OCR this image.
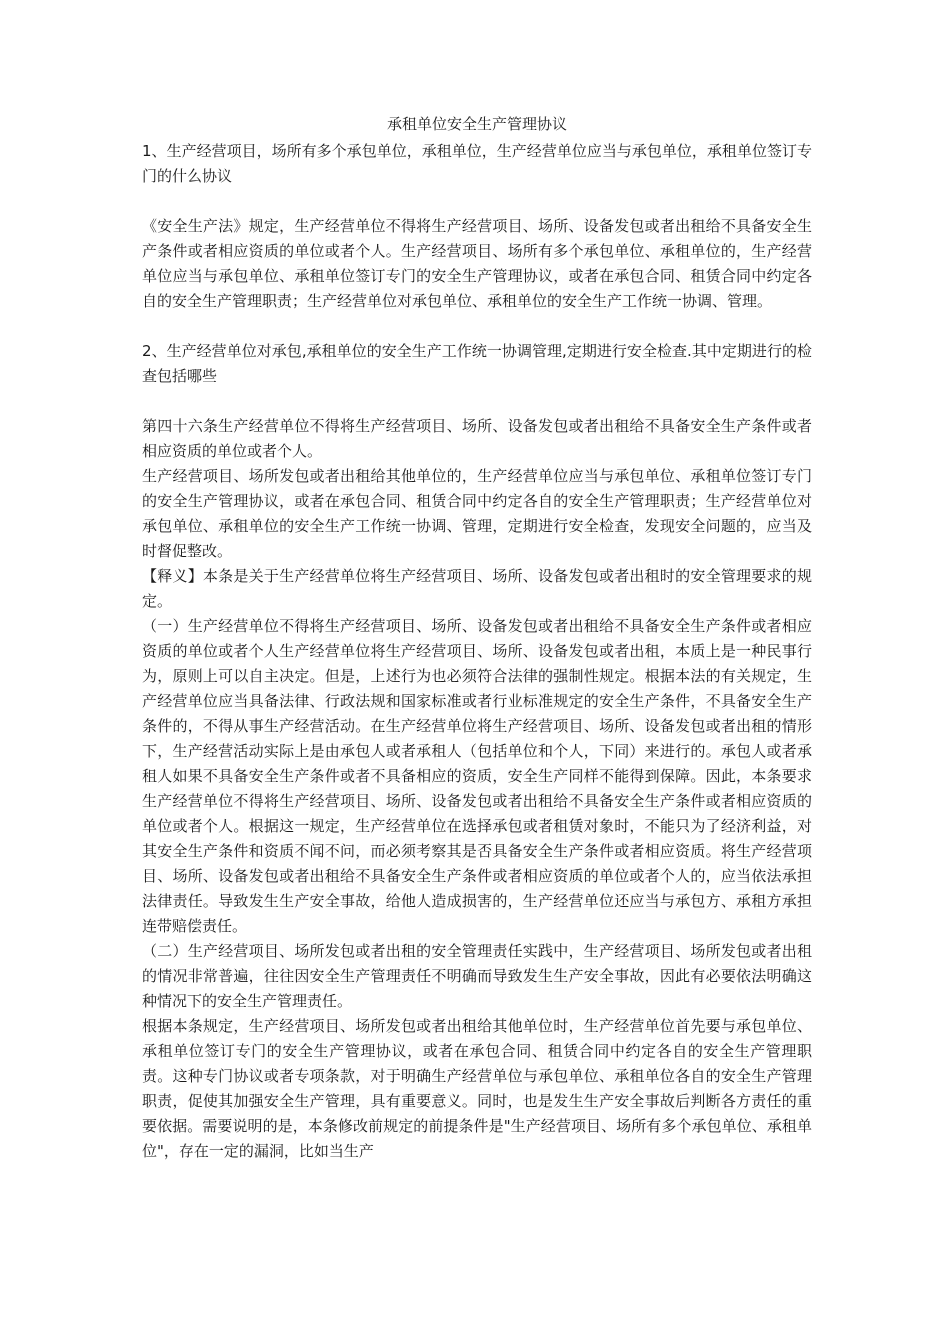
承租单位安全生产管理协议

1、生产经营项目，场所有多个承包单位，承租单位，生产经营单位应当与承包单位，承租单位签订专门的什么协议

《安全生产法》规定，生产经营单位不得将生产经营项目、场所、设备发包或者出租给不具备安全生产条件或者相应资质的单位或者个人。生产经营项目、场所有多个承包单位、承租单位的，生产经营单位应当与承包单位、承租单位签订专门的安全生产管理协议，或者在承包合同、租赁合同中约定各自的安全生产管理职责；生产经营单位对承包单位、承租单位的安全生产工作统一协调、管理。

2、生产经营单位对承包,承租单位的安全生产工作统一协调管理,定期进行安全检查.其中定期进行的检查包括哪些

第四十六条生产经营单位不得将生产经营项目、场所、设备发包或者出租给不具备安全生产条件或者相应资质的单位或者个人。

生产经营项目、场所发包或者出租给其他单位的，生产经营单位应当与承包单位、承租单位签订专门的安全生产管理协议，或者在承包合同、租赁合同中约定各自的安全生产管理职责；生产经营单位对承包单位、承租单位的安全生产工作统一协调、管理，定期进行安全检查，发现安全问题的，应当及时督促整改。

【释义】本条是关于生产经营单位将生产经营项目、场所、设备发包或者出租时的安全管理要求的规定。

（一）生产经营单位不得将生产经营项目、场所、设备发包或者出租给不具备安全生产条件或者相应资质的单位或者个人生产经营单位将生产经营项目、场所、设备发包或者出租，本质上是一种民事行为，原则上可以自主决定。但是，上述行为也必须符合法律的强制性规定。根据本法的有关规定，生产经营单位应当具备法律、行政法规和国家标准或者行业标准规定的安全生产条件，不具备安全生产条件的，不得从事生产经营活动。在生产经营单位将生产经营项目、场所、设备发包或者出租的情形下，生产经营活动实际上是由承包人或者承租人（包括单位和个人，下同）来进行的。承包人或者承租人如果不具备安全生产条件或者不具备相应的资质，安全生产同样不能得到保障。因此，本条要求生产经营单位不得将生产经营项目、场所、设备发包或者出租给不具备安全生产条件或者相应资质的单位或者个人。根据这一规定，生产经营单位在选择承包或者租赁对象时，不能只为了经济利益，对其安全生产条件和资质不闻不问，而必须考察其是否具备安全生产条件或者相应资质。将生产经营项目、场所、设备发包或者出租给不具备安全生产条件或者相应资质的单位或者个人的，应当依法承担法律责任。导致发生生产安全事故，给他人造成损害的，生产经营单位还应当与承包方、承租方承担连带赔偿责任。

（二）生产经营项目、场所发包或者出租的安全管理责任实践中，生产经营项目、场所发包或者出租的情况非常普遍，往往因安全生产管理责任不明确而导致发生生产安全事故，因此有必要依法明确这种情况下的安全生产管理责任。

根据本条规定，生产经营项目、场所发包或者出租给其他单位时，生产经营单位首先要与承包单位、承租单位签订专门的安全生产管理协议，或者在承包合同、租赁合同中约定各自的安全生产管理职责。这种专门协议或者专项条款，对于明确生产经营单位与承包单位、承租单位各自的安全生产管理职责，促使其加强安全生产管理，具有重要意义。同时，也是发生生产安全事故后判断各方责任的重要依据。需要说明的是，本条修改前规定的前提条件是"生产经营项目、场所有多个承包单位、承租单位"，存在一定的漏洞，比如当生产
